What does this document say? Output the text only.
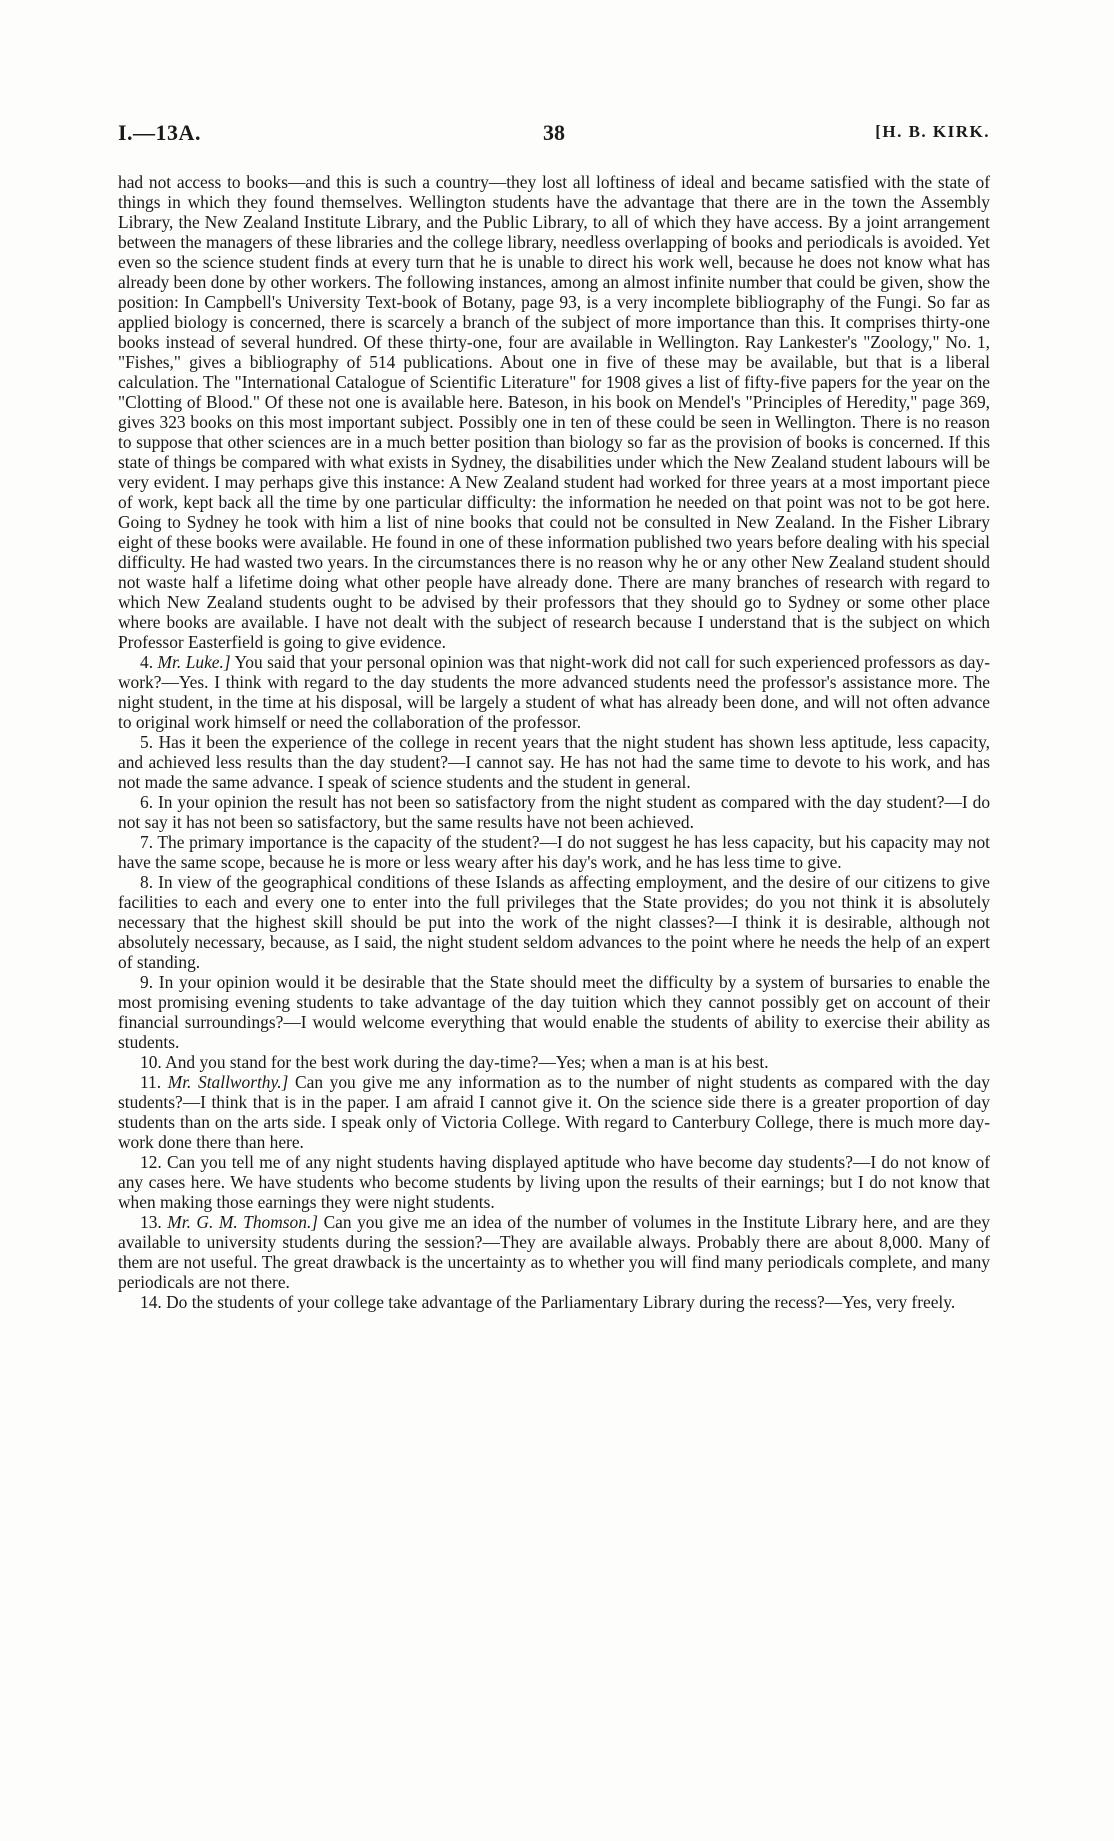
I.—13A.	38	[H. B. KIRK.

had not access to books—and this is such a country—they lost all loftiness of ideal and became satisfied with the state of things in which they found themselves. Wellington students have the advantage that there are in the town the Assembly Library, the New Zealand Institute Library, and the Public Library, to all of which they have access. By a joint arrangement between the managers of these libraries and the college library, needless overlapping of books and periodicals is avoided. Yet even so the science student finds at every turn that he is unable to direct his work well, because he does not know what has already been done by other workers. The following instances, among an almost infinite number that could be given, show the position: In Campbell's University Text-book of Botany, page 93, is a very incomplete bibliography of the Fungi. So far as applied biology is concerned, there is scarcely a branch of the subject of more importance than this. It comprises thirty-one books instead of several hundred. Of these thirty-one, four are available in Wellington. Ray Lankester's "Zoology," No. 1, "Fishes," gives a bibliography of 514 publications. About one in five of these may be available, but that is a liberal calculation. The "International Catalogue of Scientific Literature" for 1908 gives a list of fifty-five papers for the year on the "Clotting of Blood." Of these not one is available here. Bateson, in his book on Mendel's "Principles of Heredity," page 369, gives 323 books on this most important subject. Possibly one in ten of these could be seen in Wellington. There is no reason to suppose that other sciences are in a much better position than biology so far as the provision of books is concerned. If this state of things be compared with what exists in Sydney, the disabilities under which the New Zealand student labours will be very evident. I may perhaps give this instance: A New Zealand student had worked for three years at a most important piece of work, kept back all the time by one particular difficulty: the information he needed on that point was not to be got here. Going to Sydney he took with him a list of nine books that could not be consulted in New Zealand. In the Fisher Library eight of these books were available. He found in one of these information published two years before dealing with his special difficulty. He had wasted two years. In the circumstances there is no reason why he or any other New Zealand student should not waste half a lifetime doing what other people have already done. There are many branches of research with regard to which New Zealand students ought to be advised by their professors that they should go to Sydney or some other place where books are available. I have not dealt with the subject of research because I understand that is the subject on which Professor Easterfield is going to give evidence.

4. Mr. Luke.] You said that your personal opinion was that night-work did not call for such experienced professors as day-work?—Yes. I think with regard to the day students the more advanced students need the professor's assistance more. The night student, in the time at his disposal, will be largely a student of what has already been done, and will not often advance to original work himself or need the collaboration of the professor.

5. Has it been the experience of the college in recent years that the night student has shown less aptitude, less capacity, and achieved less results than the day student?—I cannot say. He has not had the same time to devote to his work, and has not made the same advance. I speak of science students and the student in general.

6. In your opinion the result has not been so satisfactory from the night student as compared with the day student?—I do not say it has not been so satisfactory, but the same results have not been achieved.

7. The primary importance is the capacity of the student?—I do not suggest he has less capacity, but his capacity may not have the same scope, because he is more or less weary after his day's work, and he has less time to give.

8. In view of the geographical conditions of these Islands as affecting employment, and the desire of our citizens to give facilities to each and every one to enter into the full privileges that the State provides; do you not think it is absolutely necessary that the highest skill should be put into the work of the night classes?—I think it is desirable, although not absolutely necessary, because, as I said, the night student seldom advances to the point where he needs the help of an expert of standing.

9. In your opinion would it be desirable that the State should meet the difficulty by a system of bursaries to enable the most promising evening students to take advantage of the day tuition which they cannot possibly get on account of their financial surroundings?—I would welcome everything that would enable the students of ability to exercise their ability as students.

10. And you stand for the best work during the day-time?—Yes; when a man is at his best.

11. Mr. Stallworthy.] Can you give me any information as to the number of night students as compared with the day students?—I think that is in the paper. I am afraid I cannot give it. On the science side there is a greater proportion of day students than on the arts side. I speak only of Victoria College. With regard to Canterbury College, there is much more day-work done there than here.

12. Can you tell me of any night students having displayed aptitude who have become day students?—I do not know of any cases here. We have students who become students by living upon the results of their earnings; but I do not know that when making those earnings they were night students.

13. Mr. G. M. Thomson.] Can you give me an idea of the number of volumes in the Institute Library here, and are they available to university students during the session?—They are available always. Probably there are about 8,000. Many of them are not useful. The great drawback is the uncertainty as to whether you will find many periodicals complete, and many periodicals are not there.

14. Do the students of your college take advantage of the Parliamentary Library during the recess?—Yes, very freely.
